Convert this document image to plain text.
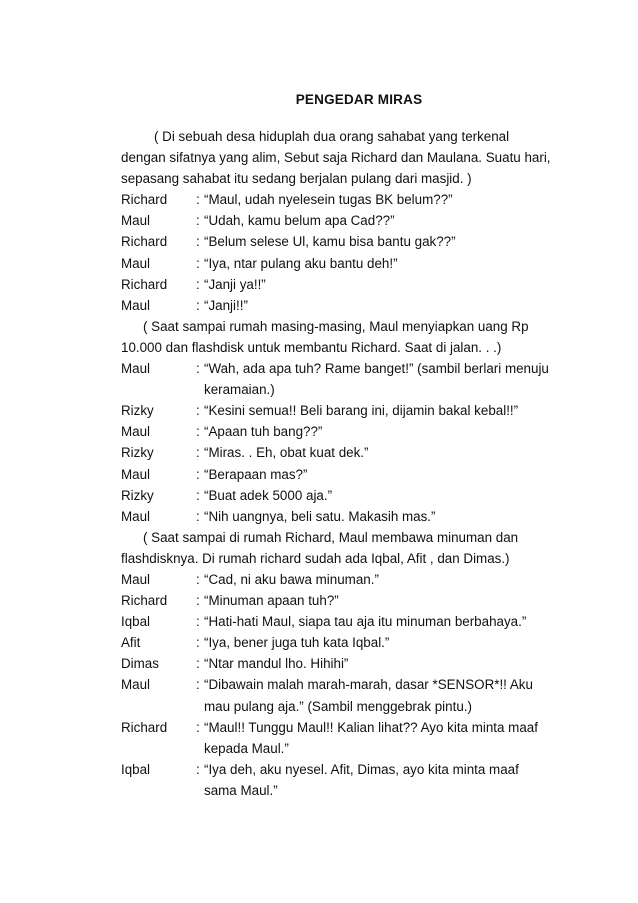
PENGEDAR MIRAS

( Di sebuah desa hiduplah dua orang sahabat yang terkenal dengan sifatnya yang alim, Sebut saja Richard dan Maulana. Suatu hari, sepasang sahabat itu sedang berjalan pulang dari masjid. )

Richard	: “Maul, udah nyelesein tugas BK belum??”
Maul	: “Udah, kamu belum apa Cad??”
Richard	: “Belum selese Ul, kamu bisa bantu gak??”
Maul	: “Iya, ntar pulang aku bantu deh!”
Richard	: “Janji ya!!”
Maul	: “Janji!!”

( Saat sampai rumah masing-masing, Maul menyiapkan uang Rp 10.000 dan flashdisk untuk membantu Richard. Saat di jalan. . .)

Maul	: “Wah, ada apa tuh? Rame banget!” (sambil berlari menuju keramaian.)
Rizky	: “Kesini semua!! Beli barang ini, dijamin bakal kebal!!”
Maul	: “Apaan tuh bang??”
Rizky	: “Miras. . Eh, obat kuat dek.”
Maul	: “Berapaan mas?”
Rizky	: “Buat adek 5000 aja.”
Maul	: “Nih uangnya, beli satu. Makasih mas.”

( Saat sampai di rumah Richard, Maul membawa minuman dan flashdisknya. Di rumah richard sudah ada Iqbal, Afit , dan Dimas.)

Maul	: “Cad, ni aku bawa minuman.”
Richard	: “Minuman apaan tuh?”
Iqbal	: “Hati-hati Maul, siapa tau aja itu minuman berbahaya.”
Afit	: “Iya, bener juga tuh kata Iqbal.”
Dimas	: “Ntar mandul lho. Hihihi”
Maul	: “Dibawain malah marah-marah, dasar *SENSOR*!! Aku mau pulang aja.” (Sambil menggebrak pintu.)
Richard	: “Maul!! Tunggu Maul!! Kalian lihat?? Ayo kita minta maaf kepada Maul.”
Iqbal	: “Iya deh, aku nyesel. Afit, Dimas, ayo kita minta maaf sama Maul.”
